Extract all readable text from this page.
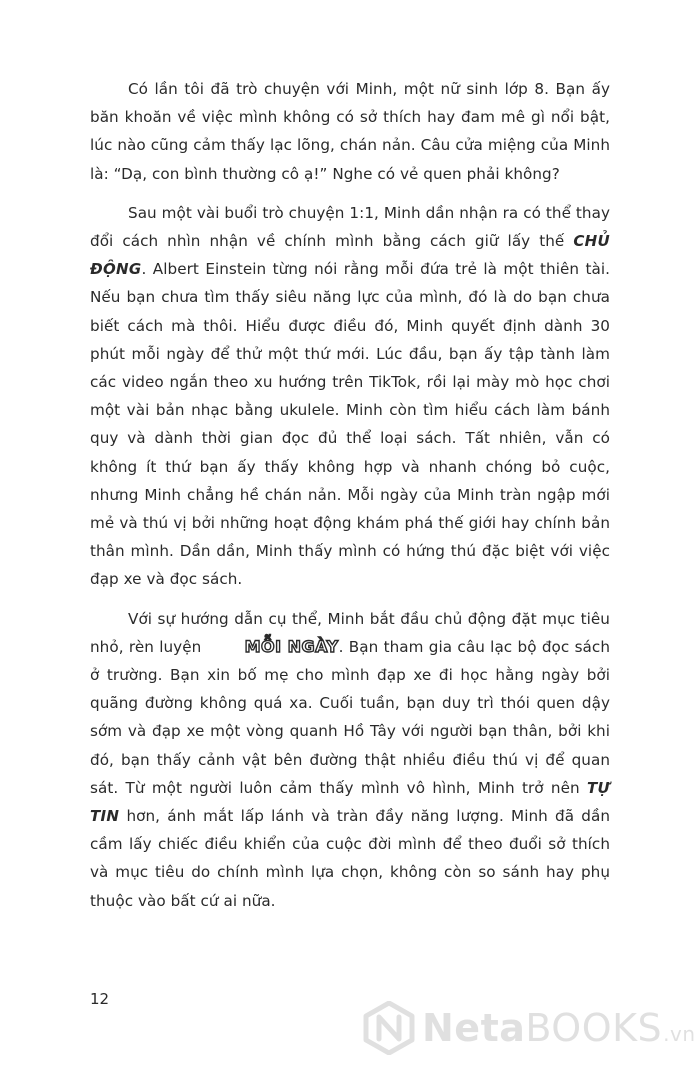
Có lần tôi đã trò chuyện với Minh, một nữ sinh lớp 8. Bạn ấy băn khoăn về việc mình không có sở thích hay đam mê gì nổi bật, lúc nào cũng cảm thấy lạc lõng, chán nản. Câu cửa miệng của Minh là: “Dạ, con bình thường cô ạ!” Nghe có vẻ quen phải không?

Sau một vài buổi trò chuyện 1:1, Minh dần nhận ra có thể thay đổi cách nhìn nhận về chính mình bằng cách giữ lấy thế CHỦ ĐỘNG. Albert Einstein từng nói rằng mỗi đứa trẻ là một thiên tài. Nếu bạn chưa tìm thấy siêu năng lực của mình, đó là do bạn chưa biết cách mà thôi. Hiểu được điều đó, Minh quyết định dành 30 phút mỗi ngày để thử một thứ mới. Lúc đầu, bạn ấy tập tành làm các video ngắn theo xu hướng trên TikTok, rồi lại mày mò học chơi một vài bản nhạc bằng ukulele. Minh còn tìm hiểu cách làm bánh quy và dành thời gian đọc đủ thể loại sách. Tất nhiên, vẫn có không ít thứ bạn ấy thấy không hợp và nhanh chóng bỏ cuộc, nhưng Minh chẳng hề chán nản. Mỗi ngày của Minh tràn ngập mới mẻ và thú vị bởi những hoạt động khám phá thế giới hay chính bản thân mình. Dần dần, Minh thấy mình có hứng thú đặc biệt với việc đạp xe và đọc sách.

Với sự hướng dẫn cụ thể, Minh bắt đầu chủ động đặt mục tiêu nhỏ, rèn luyện MỖI NGÀY. Bạn tham gia câu lạc bộ đọc sách ở trường. Bạn xin bố mẹ cho mình đạp xe đi học hằng ngày bởi quãng đường không quá xa. Cuối tuần, bạn duy trì thói quen dậy sớm và đạp xe một vòng quanh Hồ Tây với người bạn thân, bởi khi đó, bạn thấy cảnh vật bên đường thật nhiều điều thú vị để quan sát. Từ một người luôn cảm thấy mình vô hình, Minh trở nên TỰ TIN hơn, ánh mắt lấp lánh và tràn đầy năng lượng. Minh đã dần cầm lấy chiếc điều khiển của cuộc đời mình để theo đuổi sở thích và mục tiêu do chính mình lựa chọn, không còn so sánh hay phụ thuộc vào bất cứ ai nữa.

12
NetaBOOKS.vn
